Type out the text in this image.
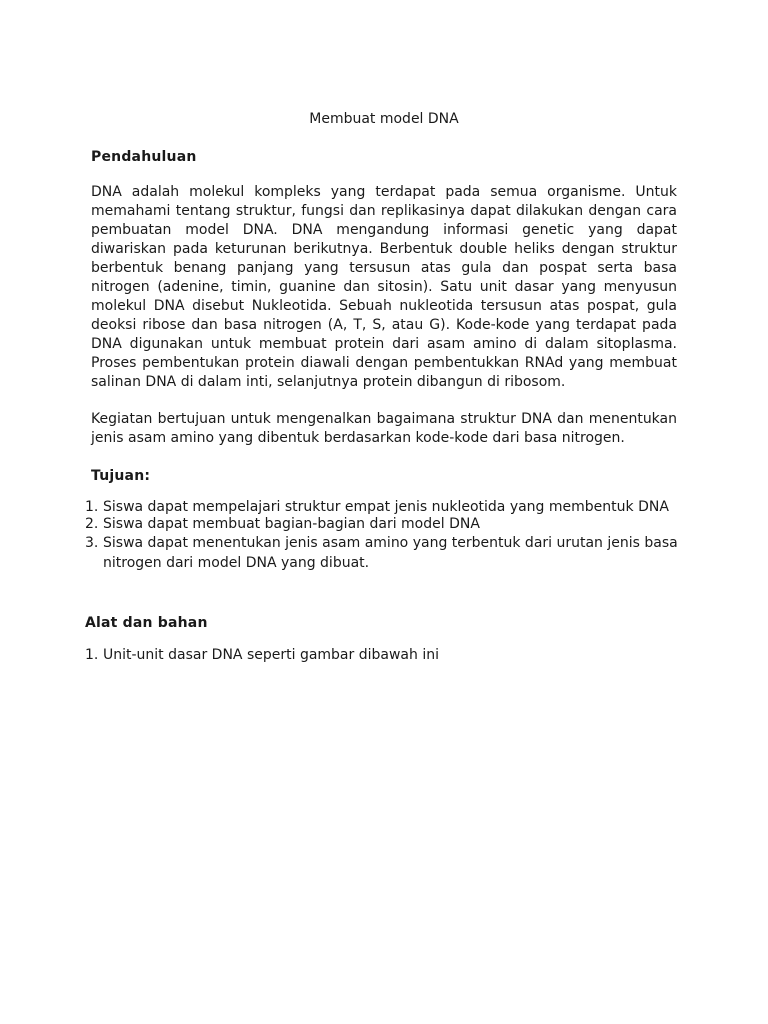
Membuat model DNA
Pendahuluan
DNA adalah molekul kompleks yang terdapat pada semua organisme. Untuk memahami tentang struktur, fungsi dan replikasinya dapat dilakukan dengan cara pembuatan model DNA. DNA mengandung informasi genetic yang dapat diwariskan pada keturunan berikutnya. Berbentuk double heliks dengan struktur berbentuk benang panjang yang tersusun atas gula dan pospat serta basa nitrogen (adenine, timin, guanine dan sitosin). Satu unit dasar yang menyusun molekul DNA disebut Nukleotida. Sebuah nukleotida tersusun atas pospat, gula deoksi ribose dan basa nitrogen (A, T, S, atau G). Kode-kode yang terdapat pada DNA digunakan untuk membuat protein dari asam amino di dalam sitoplasma. Proses pembentukan protein diawali dengan pembentukkan RNAd yang membuat salinan DNA di dalam inti, selanjutnya protein dibangun di ribosom.
Kegiatan bertujuan untuk mengenalkan bagaimana struktur DNA dan menentukan jenis asam amino yang dibentuk berdasarkan kode-kode dari basa nitrogen.
Tujuan:
1. Siswa dapat mempelajari struktur empat jenis nukleotida yang membentuk DNA
2. Siswa dapat membuat bagian-bagian dari model DNA
3. Siswa dapat menentukan jenis asam amino yang terbentuk dari urutan jenis basa nitrogen dari model DNA yang dibuat.
Alat dan bahan
1. Unit-unit dasar DNA seperti gambar dibawah ini
